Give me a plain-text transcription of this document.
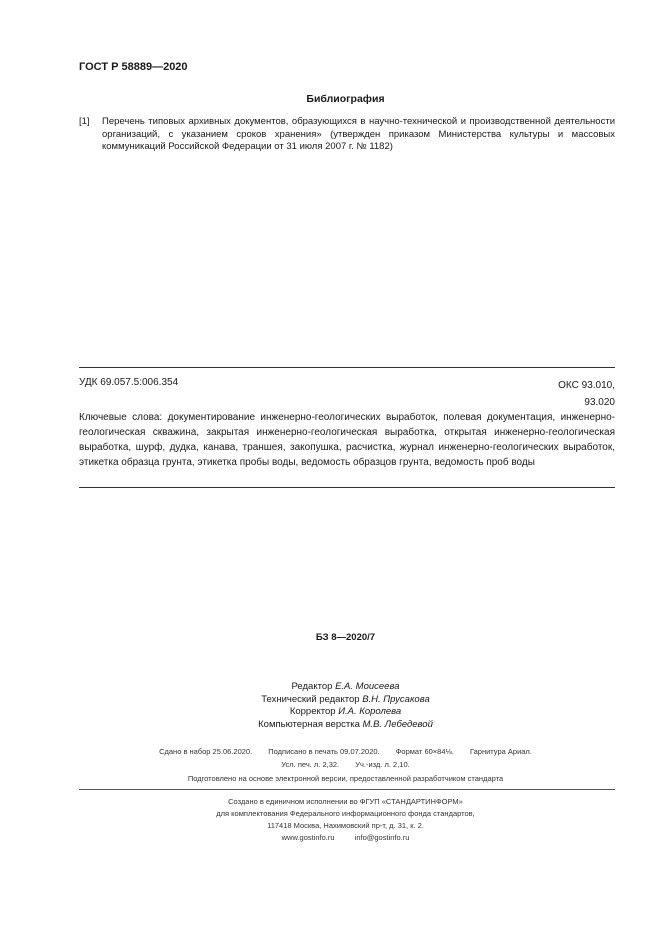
ГОСТ Р 58889—2020
Библиография
[1] Перечень типовых архивных документов, образующихся в научно-технической и производственной деятельности организаций, с указанием сроков хранения» (утвержден приказом Министерства культуры и массовых коммуникаций Российской Федерации от 31 июля 2007 г. № 1182)
УДК 69.057.5:006.354	ОКС 93.010,
93.020
Ключевые слова: документирование инженерно-геологических выработок, полевая документация, инженерно-геологическая скважина, закрытая инженерно-геологическая выработка, открытая инженерно-геологическая выработка, шурф, дудка, канава, траншея, закопушка, расчистка, журнал инженерно-геологических выработок, этикетка образца грунта, этикетка пробы воды, ведомость образцов грунта, ведомость проб воды
БЗ 8—2020/7
Редактор Е.А. Моисеева
Технический редактор В.Н. Прусакова
Корректор И.А. Королева
Компьютерная верстка М.В. Лебедевой
Сдано в набор 25.06.2020. Подписано в печать 09.07.2020. Формат 60×84⅛. Гарнитура Ариал.
Усл. печ. л. 2,32. Уч.-изд. л. 2,10.
Подготовлено на основе электронной версии, предоставленной разработчиком стандарта
Создано в единичном исполнении во ФГУП «СТАНДАРТИНФОРМ»
для комплектования Федерального информационного фонда стандартов,
117418 Москва, Нахимовский пр-т, д. 31, к. 2.
www.gostinfo.ru	info@gostinfo.ru
